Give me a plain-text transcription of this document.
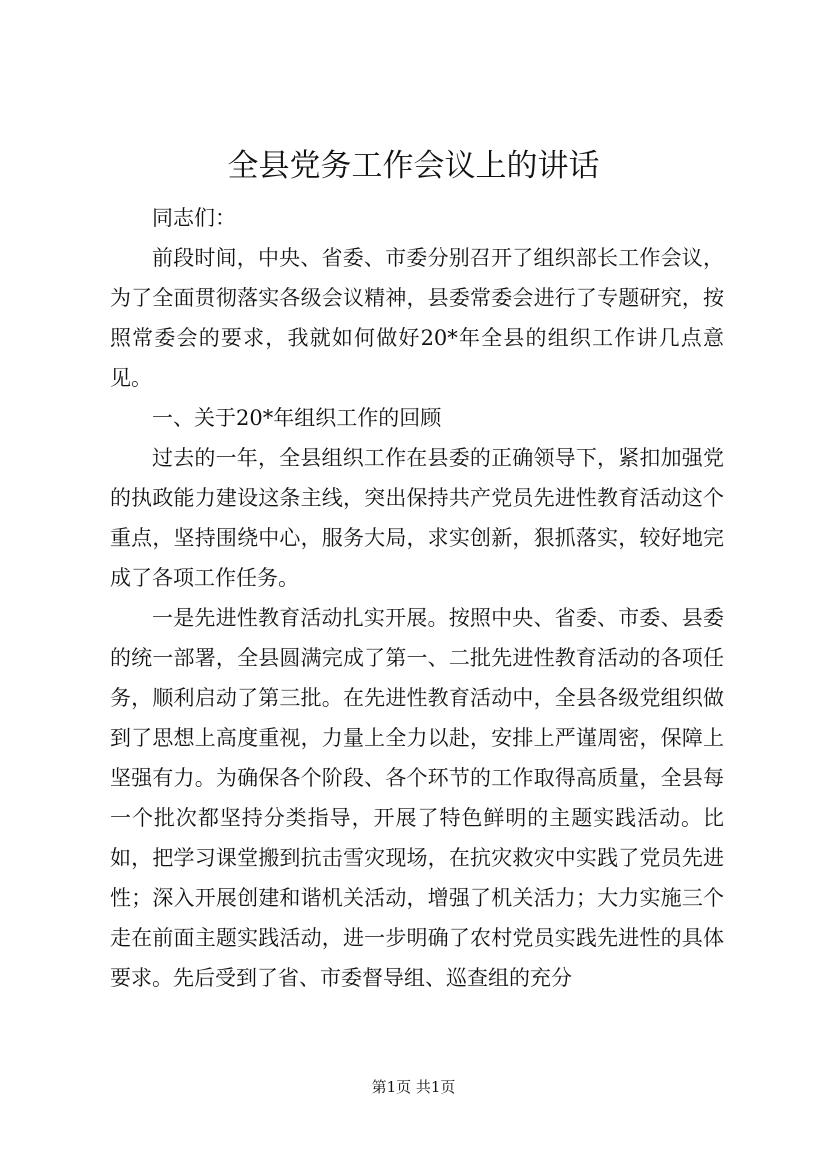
全县党务工作会议上的讲话

同志们：

前段时间，中央、省委、市委分别召开了组织部长工作会议，为了全面贯彻落实各级会议精神，县委常委会进行了专题研究，按照常委会的要求，我就如何做好20*年全县的组织工作讲几点意见。

一、关于20*年组织工作的回顾

过去的一年，全县组织工作在县委的正确领导下，紧扣加强党的执政能力建设这条主线，突出保持共产党员先进性教育活动这个重点，坚持围绕中心，服务大局，求实创新，狠抓落实，较好地完成了各项工作任务。

一是先进性教育活动扎实开展。按照中央、省委、市委、县委的统一部署，全县圆满完成了第一、二批先进性教育活动的各项任务，顺利启动了第三批。在先进性教育活动中，全县各级党组织做到了思想上高度重视，力量上全力以赴，安排上严谨周密，保障上坚强有力。为确保各个阶段、各个环节的工作取得高质量，全县每一个批次都坚持分类指导，开展了特色鲜明的主题实践活动。比如，把学习课堂搬到抗击雪灾现场，在抗灾救灾中实践了党员先进性；深入开展创建和谐机关活动，增强了机关活力；大力实施三个走在前面主题实践活动，进一步明确了农村党员实践先进性的具体要求。先后受到了省、市委督导组、巡查组的充分

第1页 共1页
